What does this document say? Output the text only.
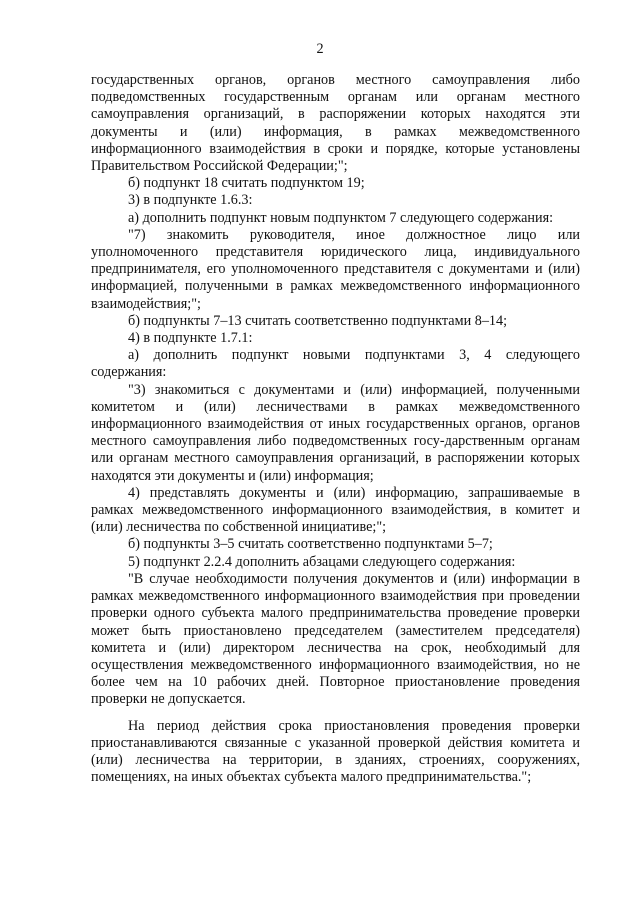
2

государственных органов, органов местного самоуправления либо подведомственных государственным органам или органам местного самоуправления организаций, в распоряжении которых находятся эти документы и (или) информация, в рамках межведомственного информационного взаимодействия в сроки и порядке, которые установлены Правительством Российской Федерации;";

б) подпункт 18 считать подпунктом 19;

3) в подпункте 1.6.3:

а) дополнить подпункт новым подпунктом 7 следующего содержания:

"7) знакомить руководителя, иное должностное лицо или уполномоченного представителя юридического лица, индивидуального предпринимателя, его уполномоченного представителя с документами и (или) информацией, полученными в рамках межведомственного информационного взаимодействия;";

б) подпункты 7–13 считать соответственно подпунктами 8–14;

4) в подпункте 1.7.1:

а) дополнить подпункт новыми подпунктами 3, 4 следующего содержания:

"3) знакомиться с документами и (или) информацией, полученными комитетом и (или) лесничествами в рамках межведомственного информационного взаимодействия от иных государственных органов, органов местного самоуправления либо подведомственных госу-дарственным органам или органам местного самоуправления организаций, в распоряжении которых находятся эти документы и (или) информация;

4) представлять документы и (или) информацию, запрашиваемые в рамках межведомственного информационного взаимодействия, в комитет и (или) лесничества по собственной инициативе;";

б) подпункты 3–5 считать соответственно подпунктами 5–7;

5) подпункт 2.2.4 дополнить абзацами следующего содержания:

"В случае необходимости получения документов и (или) информации в рамках межведомственного информационного взаимодействия при проведении проверки одного субъекта малого предпринимательства проведение проверки может быть приостановлено председателем (заместителем председателя) комитета и (или) директором лесничества на срок, необходимый для осуществления межведомственного информационного взаимодействия, но не более чем на 10 рабочих дней. Повторное приостановление проведения проверки не допускается.

На период действия срока приостановления проведения проверки приостанавливаются связанные с указанной проверкой действия комитета и (или) лесничества на территории, в зданиях, строениях, сооружениях, помещениях, на иных объектах субъекта малого предпринимательства.";
